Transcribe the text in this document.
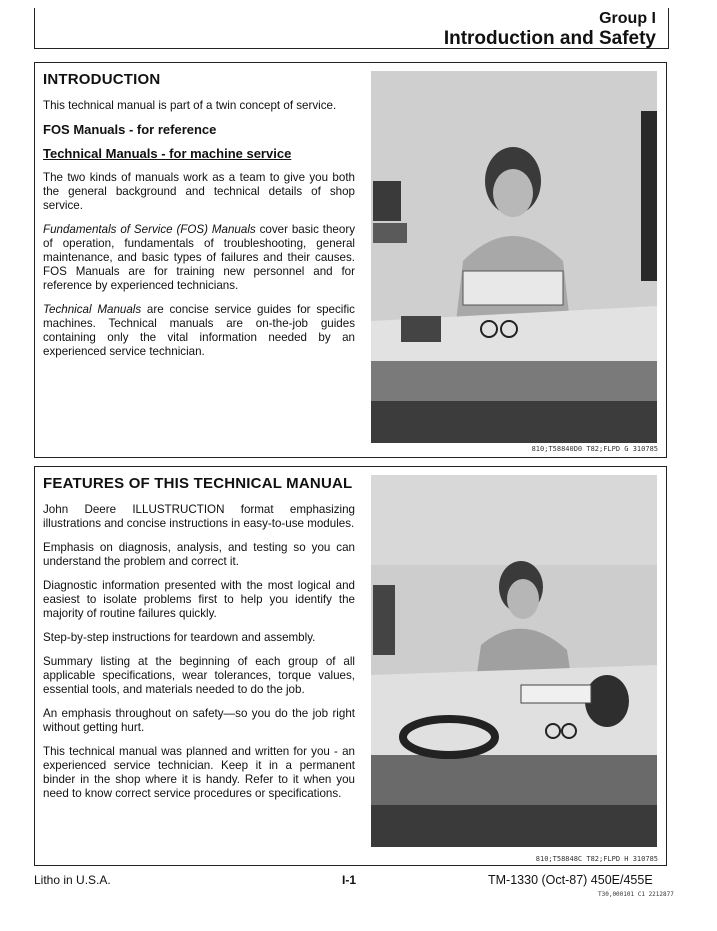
Group I
Introduction and Safety
INTRODUCTION

This technical manual is part of a twin concept of service.

FOS Manuals - for reference
Technical Manuals - for machine service

The two kinds of manuals work as a team to give you both the general background and technical details of shop service.

Fundamentals of Service (FOS) Manuals cover basic theory of operation, fundamentals of troubleshooting, general maintenance, and basic types of failures and their causes. FOS Manuals are for training new personnel and for reference by experienced technicians.

Technical Manuals are concise service guides for specific machines. Technical manuals are on-the-job guides containing only the vital information needed by an experienced service technician.

810;T58840D0 T82;FLPD G 310785
FEATURES OF THIS TECHNICAL MANUAL

John Deere ILLUSTRUCTION format emphasizing illustrations and concise instructions in easy-to-use modules.

Emphasis on diagnosis, analysis, and testing so you can understand the problem and correct it.

Diagnostic information presented with the most logical and easiest to isolate problems first to help you identify the majority of routine failures quickly.

Step-by-step instructions for teardown and assembly.

Summary listing at the beginning of each group of all applicable specifications, wear tolerances, torque values, essential tools, and materials needed to do the job.

An emphasis throughout on safety—so you do the job right without getting hurt.

This technical manual was planned and written for you - an experienced service technician. Keep it in a permanent binder in the shop where it is handy. Refer to it when you need to know correct service procedures or specifications.

810;T58848C T82;FLPD H 310785
Litho in U.S.A.	I-1	TM-1330 (Oct-87) 450E/455E
T30,000101 C1 2212877
